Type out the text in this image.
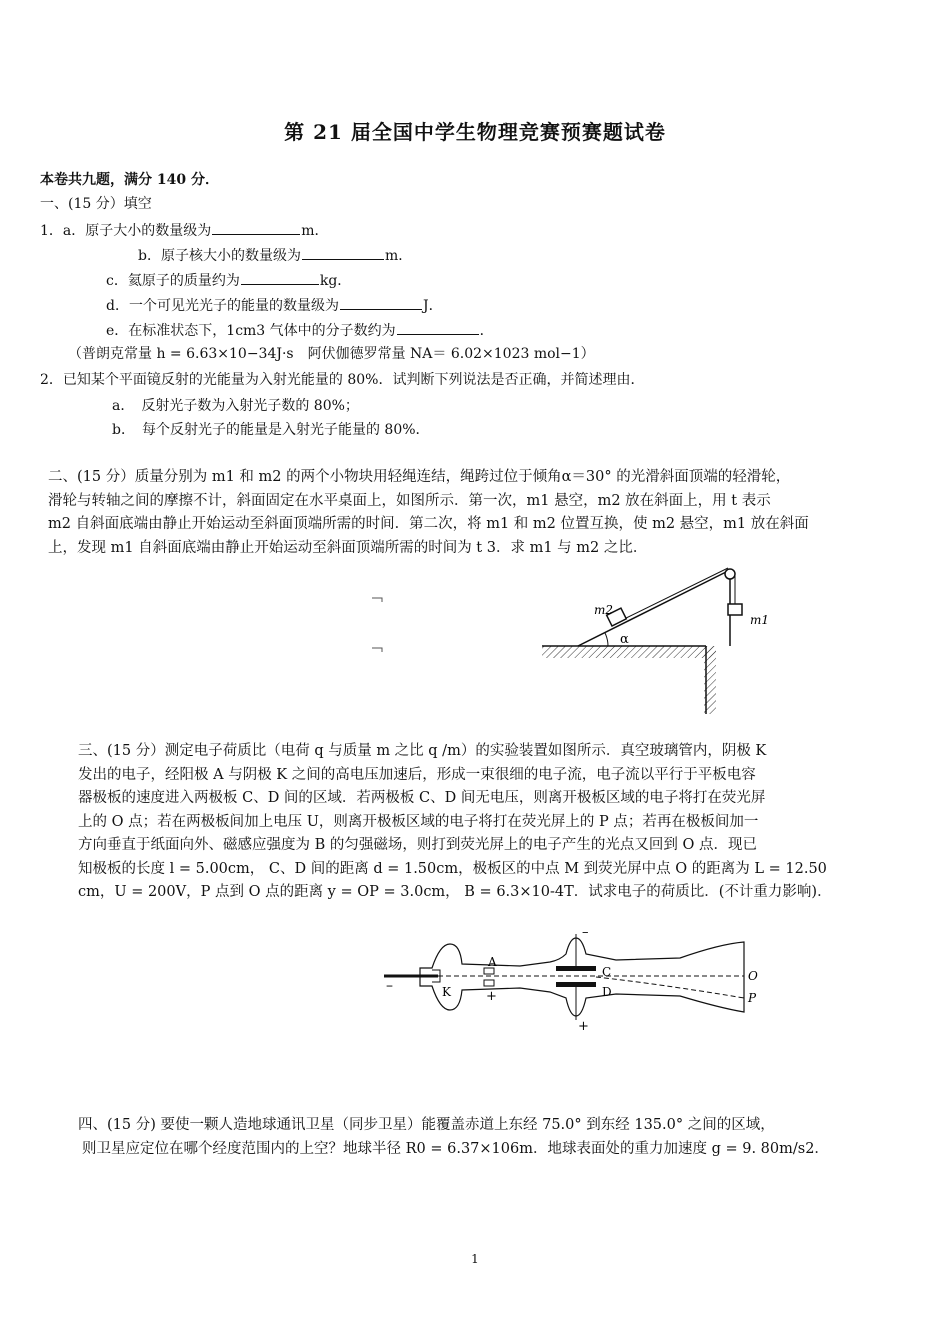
第 21 届全国中学生物理竞赛预赛题试卷
本卷共九题，满分 140 分．
一、(15 分）填空
1．a．原子大小的数量级为	m．
b．原子核大小的数量级为	m．
c．氦原子的质量约为	kg．
d．一个可见光光子的能量的数量级为	J．
e．在标准状态下，1cm3 气体中的分子数约为	．
（普朗克常量 h = 6.63×10−34J·s　阿伏伽德罗常量 NA＝ 6.02×1023 mol−1）
2．已知某个平面镜反射的光能量为入射光能量的 80%．试判断下列说法是否正确，并简述理由．
a．　反射光子数为入射光子数的 80%；
b．　每个反射光子的能量是入射光子能量的 80%．
二、(15 分）质量分别为 m1 和 m2 的两个小物块用轻绳连结，绳跨过位于倾角α＝30° 的光滑斜面顶端的轻滑轮，
滑轮与转轴之间的摩擦不计，斜面固定在水平桌面上，如图所示．第一次，m1 悬空，m2 放在斜面上，用 t 表示
m2 自斜面底端由静止开始运动至斜面顶端所需的时间．第二次，将 m1 和 m2 位置互换，使 m2 悬空，m1 放在斜面
上，发现 m1 自斜面底端由静止开始运动至斜面顶端所需的时间为 t 3．求 m1 与 m2 之比．
α
m2
m1
三、(15 分）测定电子荷质比（电荷 q 与质量 m 之比 q /m）的实验装置如图所示．真空玻璃管内，阴极 K
发出的电子，经阳极 A 与阴极 K 之间的高电压加速后，形成一束很细的电子流，电子流以平行于平板电容
器极板的速度进入两极板 C、D 间的区域．若两极板 C、D 间无电压，则离开极板区域的电子将打在荧光屏
上的 O 点；若在两极板间加上电压 U，则离开极板区域的电子将打在荧光屏上的 P 点；若再在极板间加一
方向垂直于纸面向外、磁感应强度为 B 的匀强磁场，则打到荧光屏上的电子产生的光点又回到 O 点．现已
知极板的长度 l = 5.00cm， C、D 间的距离 d = 1.50cm，极板区的中点 M 到荧光屏中点 O 的距离为 L = 12.50
cm，U = 200V，P 点到 O 点的距离 y = OP = 3.0cm， B = 6.3×10-4T．试求电子的荷质比．(不计重力影响)．
–	K
A
+
–
+
C
D
O
P
四、(15 分) 要使一颗人造地球通讯卫星（同步卫星）能覆盖赤道上东经 75.0° 到东经 135.0° 之间的区域，
则卫星应定位在哪个经度范围内的上空？地球半径 R0 = 6.37×106m．地球表面处的重力加速度 g = 9. 80m/s2．
1
